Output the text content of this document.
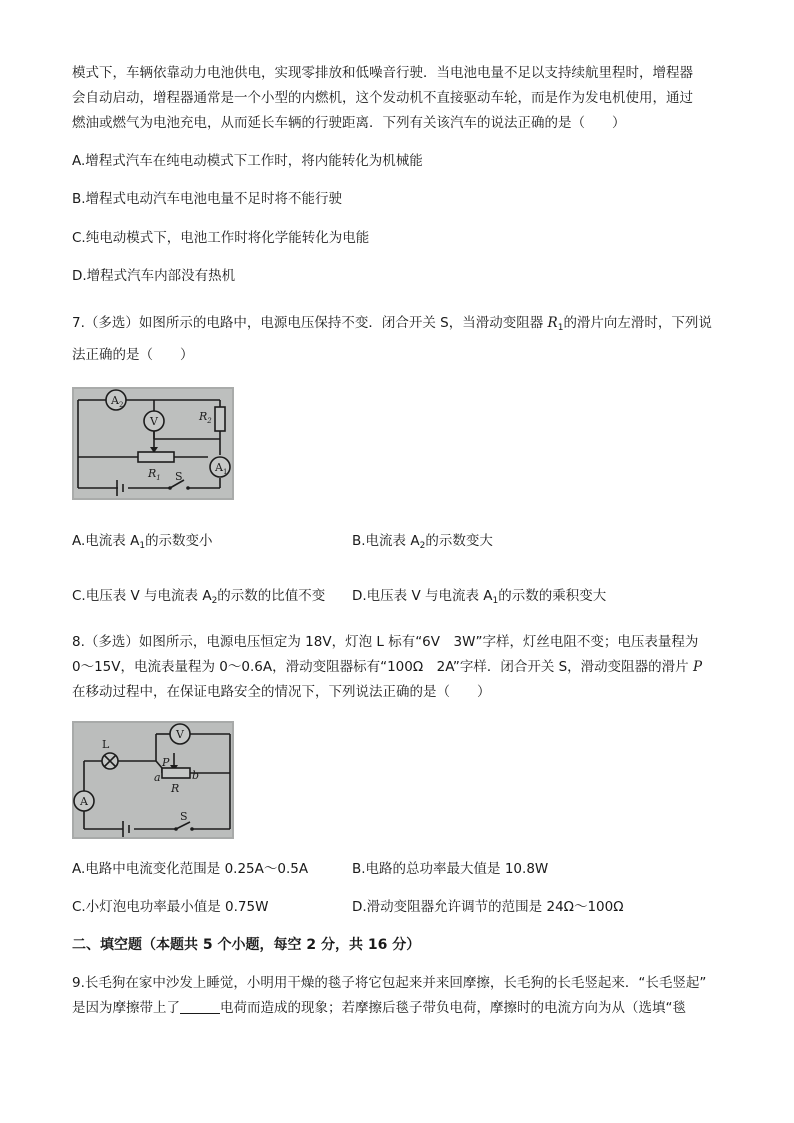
模式下，车辆依靠动力电池供电，实现零排放和低噪音行驶．当电池电量不足以支持续航里程时，增程器
会自动启动，增程器通常是一个小型的内燃机，这个发动机不直接驱动车轮，而是作为发电机使用，通过
燃油或燃气为电池充电，从而延长车辆的行驶距离．下列有关该汽车的说法正确的是（　　）
A.增程式汽车在纯电动模式下工作时，将内能转化为机械能
B.增程式电动汽车电池电量不足时将不能行驶
C.纯电动模式下，电池工作时将化学能转化为电能
D.增程式汽车内部没有热机
7.（多选）如图所示的电路中，电源电压保持不变．闭合开关 S，当滑动变阻器 $R_1$的滑片向左滑时，下列说
法正确的是（　　）
$A_2$
V	$R_2$
$R_1$
$A_1$
S
A.电流表 $A_1$的示数变小	B.电流表 $A_2$的示数变大
C.电压表 V 与电流表 $A_2$的示数的比值不变 D.电压表 V 与电流表 $A_1$的示数的乘积变大
8.（多选）如图所示，电源电压恒定为 18V，灯泡 L 标有“6V　3W”字样，灯丝电阻不变；电压表量程为
0～15V，电流表量程为 0～0.6A，滑动变阻器标有“100Ω　2A”字样．闭合开关 S，滑动变阻器的滑片 P
在移动过程中，在保证电路安全的情况下，下列说法正确的是（　　）
V
L
P
a	b
R
A
S
A.电路中电流变化范围是 0.25A～0.5A	B.电路的总功率最大值是 10.8W
C.小灯泡电功率最小值是 0.75W	D.滑动变阻器允许调节的范围是 24Ω～100Ω
二、填空题（本题共 5 个小题，每空 2 分，共 16 分）
9.长毛狗在家中沙发上睡觉，小明用干燥的毯子将它包起来并来回摩擦，长毛狗的长毛竖起来．“长毛竖起”
是因为摩擦带上了	电荷而造成的现象；若摩擦后毯子带负电荷，摩擦时的电流方向为从（选填“毯
